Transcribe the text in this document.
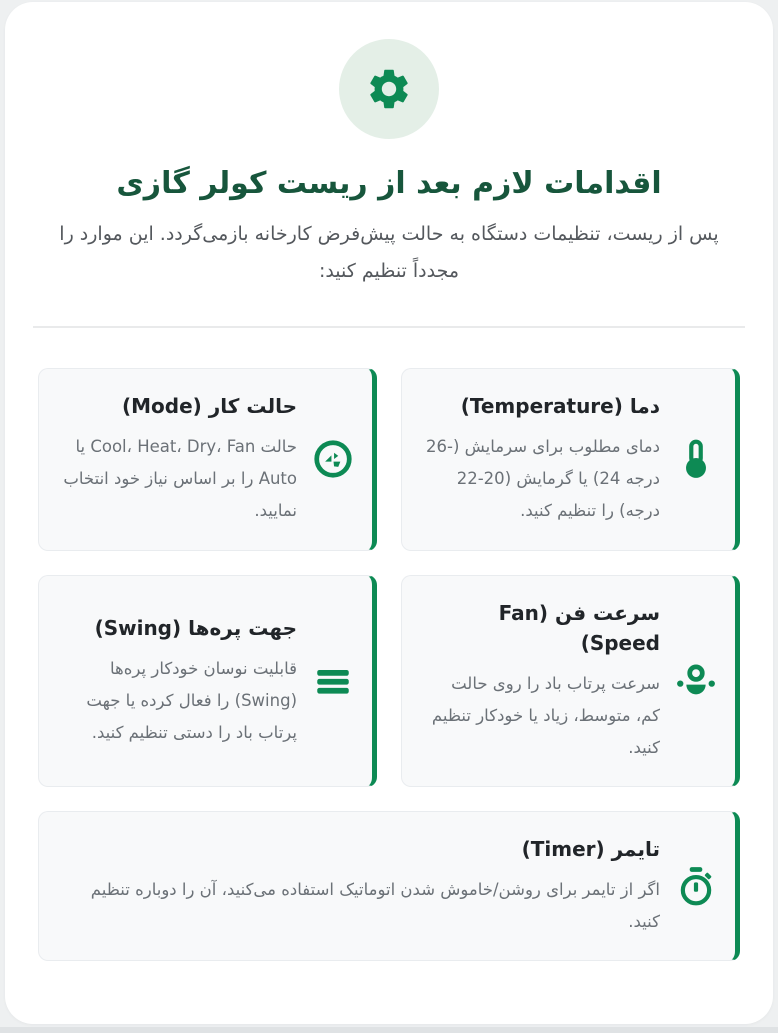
اقدامات لازم بعد از ریست کولر گازی

پس از ریست، تنظیمات دستگاه به حالت پیش‌فرض کارخانه بازمی‌گردد. این موارد را مجدداً تنظیم کنید:

دما (Temperature)

دمای مطلوب برای سرمایش (⁦26-24 درجه⁩) یا گرمایش (⁦22-20 درجه⁩) را تنظیم کنید.

حالت کار (Mode)

حالت Cool، Heat، Dry، Fan یا Auto را بر اساس نیاز خود انتخاب نمایید.

سرعت فن (Fan Speed)

سرعت پرتاب باد را روی حالت کم، متوسط، زیاد یا خودکار تنظیم کنید.

جهت پره‌ها (Swing)

قابلیت نوسان خودکار پره‌ها (Swing) را فعال کرده یا جهت پرتاب باد را دستی تنظیم کنید.

تایمر (Timer)

اگر از تایمر برای روشن/خاموش شدن اتوماتیک استفاده می‌کنید، آن را دوباره تنظیم کنید.
